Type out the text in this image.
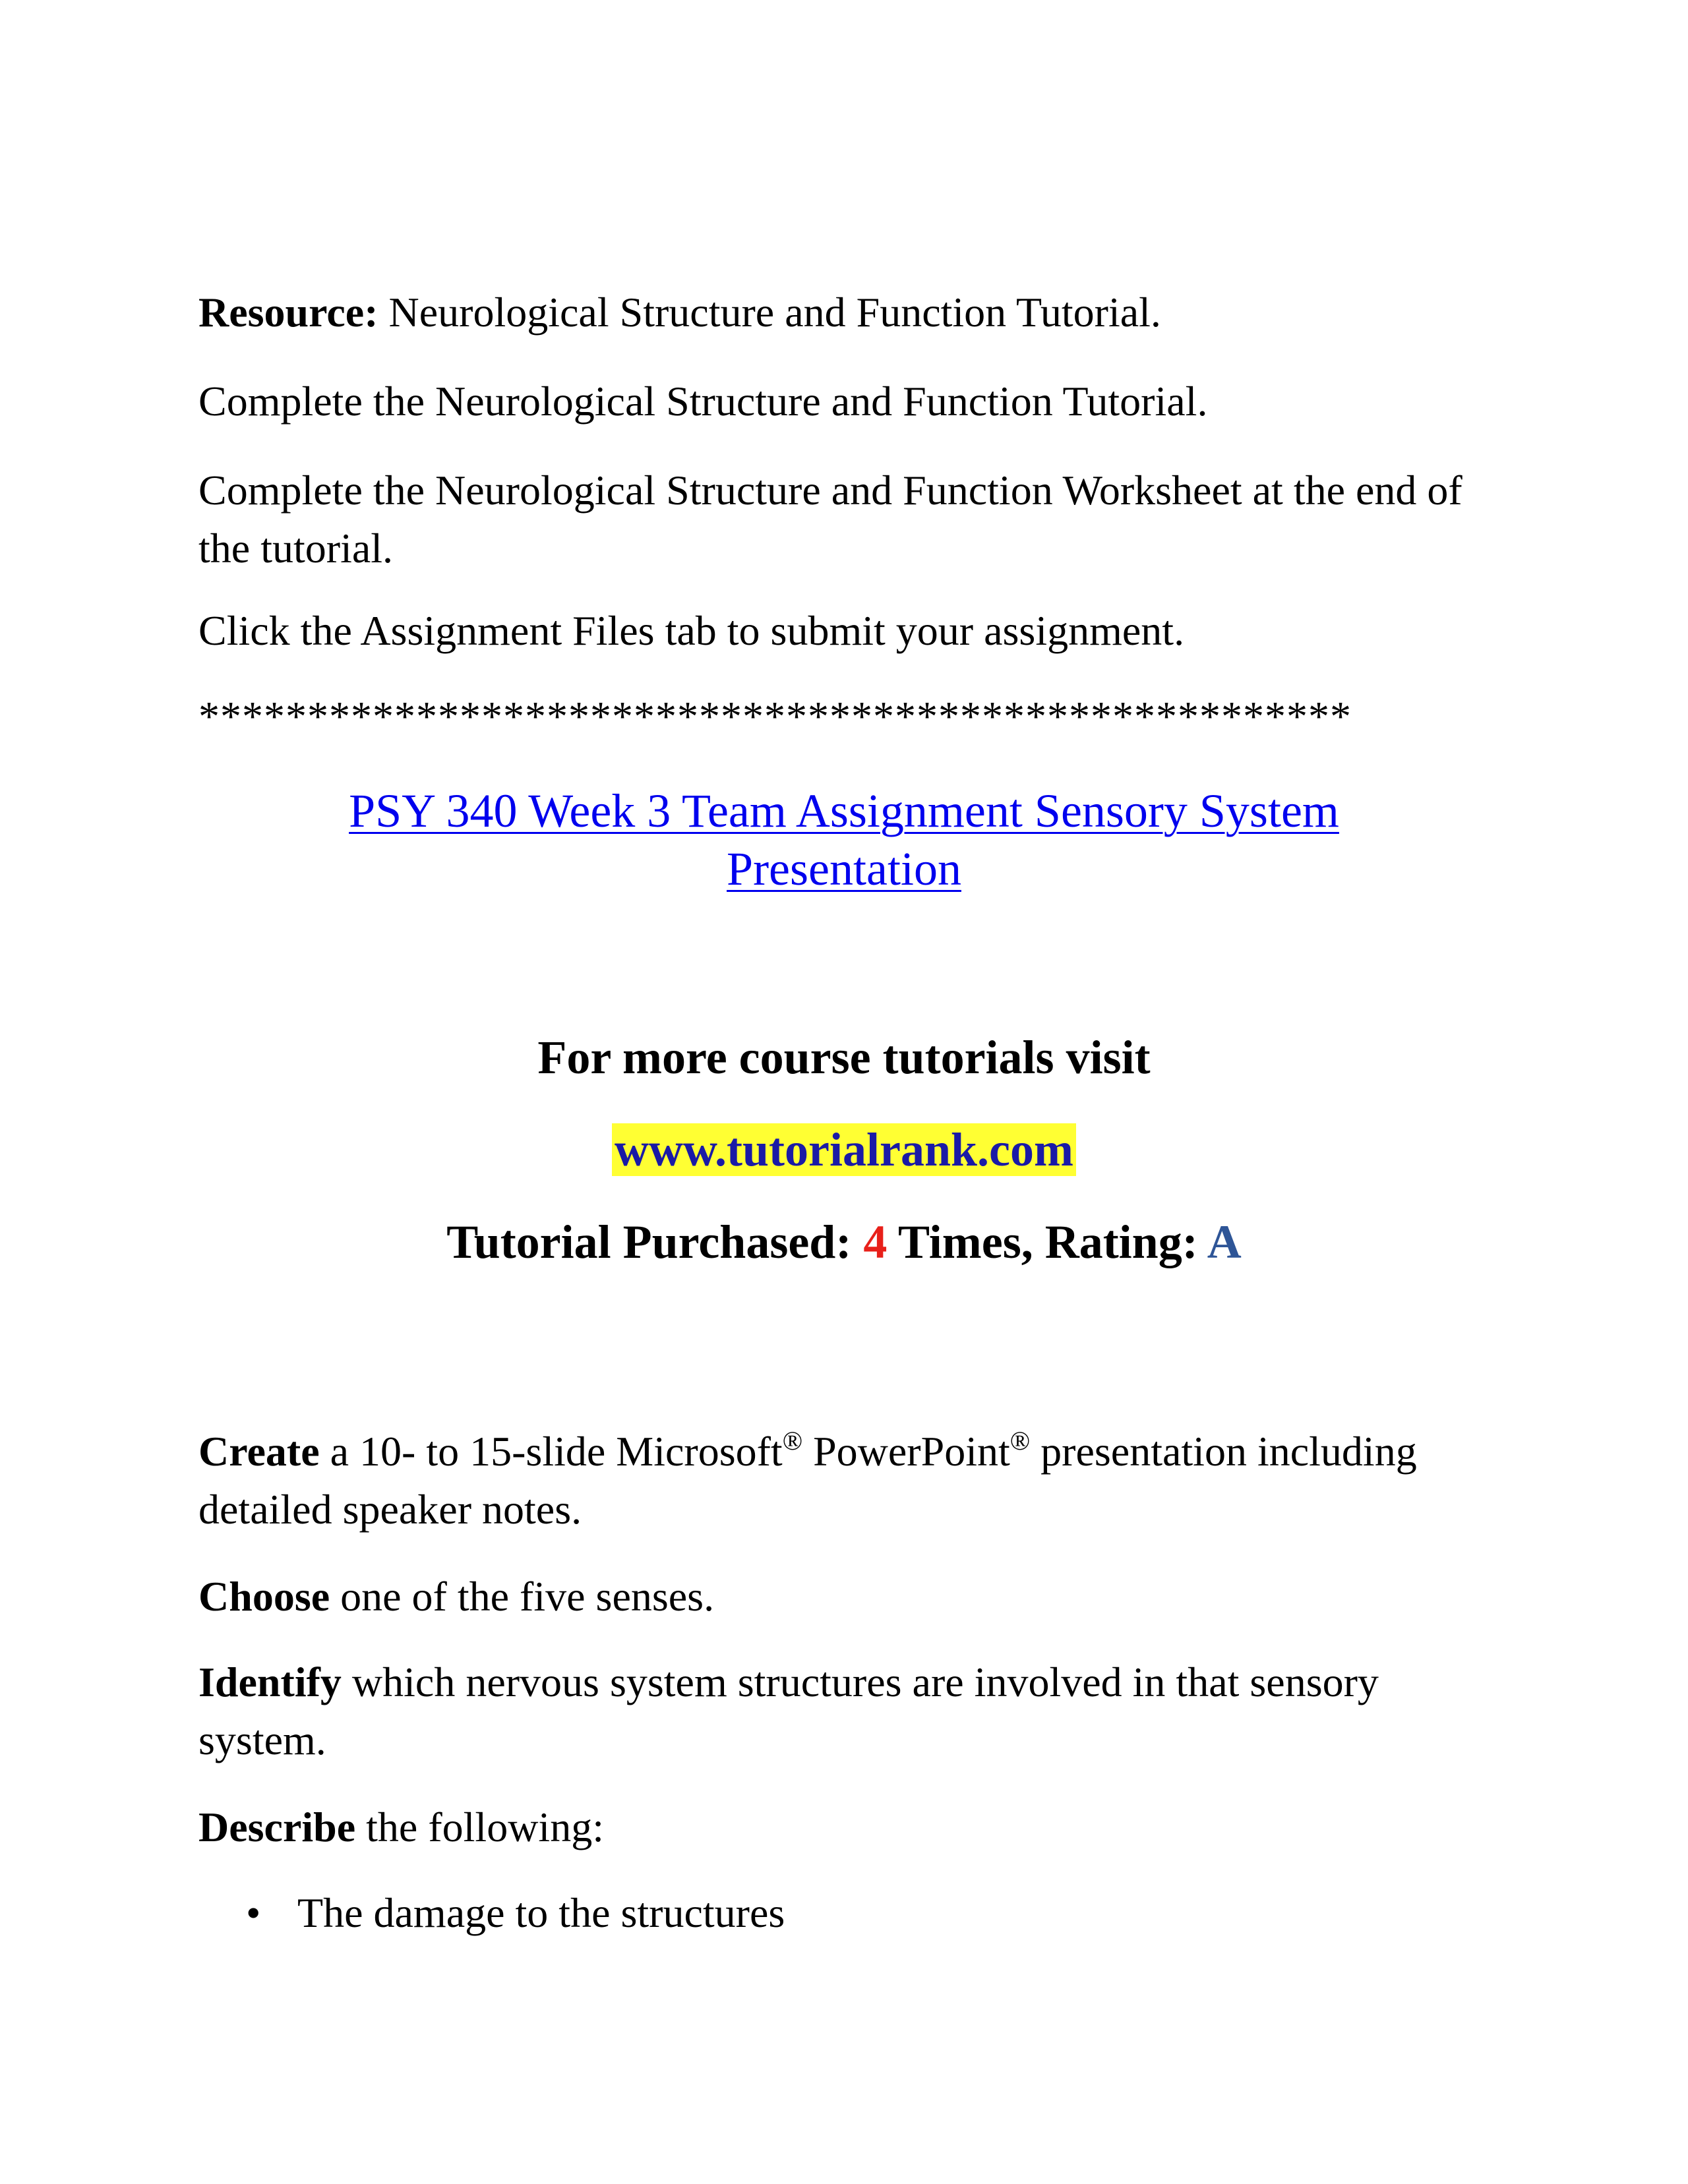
Resource: Neurological Structure and Function Tutorial.

Complete the Neurological Structure and Function Tutorial.

Complete the Neurological Structure and Function Worksheet at the end of the tutorial.

Click the Assignment Files tab to submit your assignment.

*****************************************************

PSY 340 Week 3 Team Assignment Sensory System
Presentation

For more course tutorials visit

www.tutorialrank.com

Tutorial Purchased: 4 Times, Rating: A

Create a 10- to 15-slide Microsoft® PowerPoint® presentation including detailed speaker notes.

Choose one of the five senses.

Identify which nervous system structures are involved in that sensory system.

Describe the following:

• The damage to the structures
